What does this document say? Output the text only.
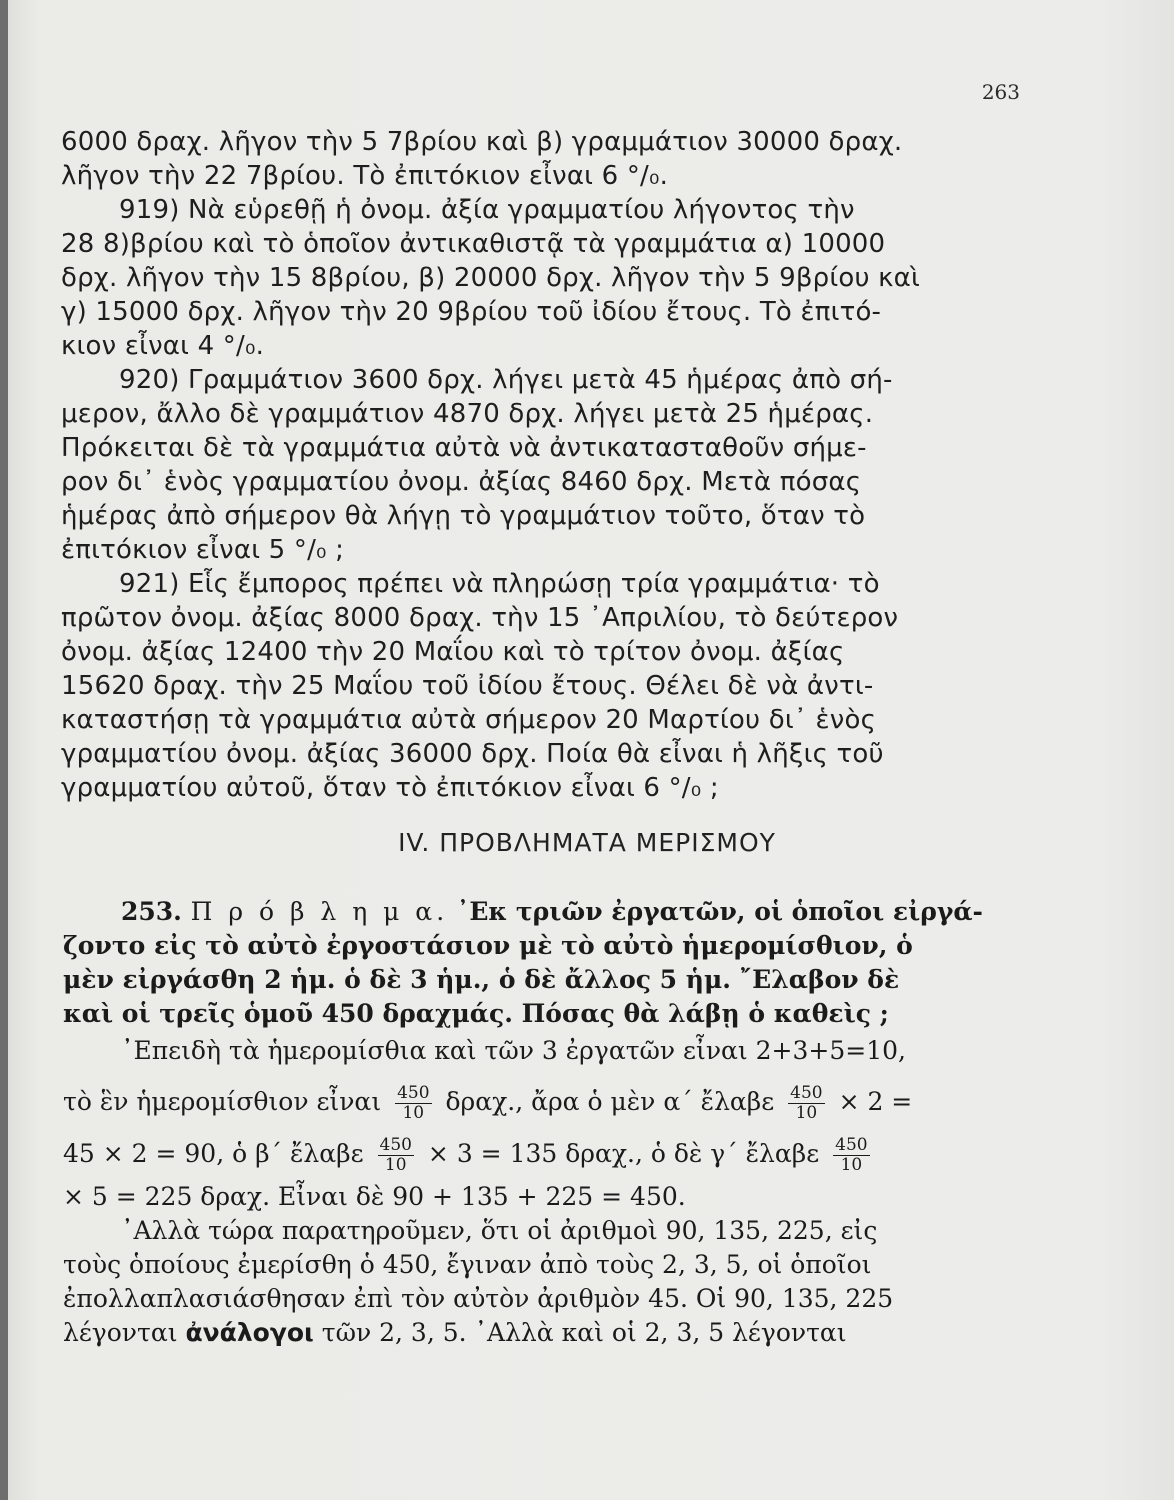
263
6000 δραχ. λῆγον τὴν 5 7βρίου καὶ β) γραμμάτιον 30000 δραχ.
λῆγον τὴν 22 7βρίου. Τὸ ἐπιτόκιον εἶναι 6 °/₀.
919) Νὰ εὑρεθῇ ἡ ὀνομ. ἀξία γραμματίου λήγοντος τὴν
28 8)βρίου καὶ τὸ ὁποῖον ἀντικαθιστᾷ τὰ γραμμάτια α) 10000
δρχ. λῆγον τὴν 15 8βρίου, β) 20000 δρχ. λῆγον τὴν 5 9βρίου καὶ
γ) 15000 δρχ. λῆγον τὴν 20 9βρίου τοῦ ἰδίου ἔτους. Τὸ ἐπιτό-
κιον εἶναι 4 °/₀.
920) Γραμμάτιον 3600 δρχ. λήγει μετὰ 45 ἡμέρας ἀπὸ σή-
μερον, ἄλλο δὲ γραμμάτιον 4870 δρχ. λήγει μετὰ 25 ἡμέρας.
Πρόκειται δὲ τὰ γραμμάτια αὐτὰ νὰ ἀντικατασταθοῦν σήμε-
ρον δι᾿ ἑνὸς γραμματίου ὀνομ. ἀξίας 8460 δρχ. Μετὰ πόσας
ἡμέρας ἀπὸ σήμερον θὰ λήγῃ τὸ γραμμάτιον τοῦτο, ὅταν τὸ
ἐπιτόκιον εἶναι 5 °/₀ ;
921) Εἷς ἔμπορος πρέπει νὰ πληρώσῃ τρία γραμμάτια· τὸ
πρῶτον ὀνομ. ἀξίας 8000 δραχ. τὴν 15 ᾿Απριλίου, τὸ δεύτερον
ὀνομ. ἀξίας 12400 τὴν 20 Μαΐου καὶ τὸ τρίτον ὀνομ. ἀξίας
15620 δραχ. τὴν 25 Μαΐου τοῦ ἰδίου ἔτους. Θέλει δὲ νὰ ἀντι-
καταστήσῃ τὰ γραμμάτια αὐτὰ σήμερον 20 Μαρτίου δι᾿ ἑνὸς
γραμματίου ὀνομ. ἀξίας 36000 δρχ. Ποία θὰ εἶναι ἡ λῆξις τοῦ
γραμματίου αὐτοῦ, ὅταν τὸ ἐπιτόκιον εἶναι 6 °/₀ ;
IV. ΠΡΟΒΛΗΜΑΤΑ ΜΕΡΙΣΜΟΥ
253. Π ρ ό β λ η μ α. ᾿Εκ τριῶν ἐργατῶν, οἱ ὁποῖοι εἰργά-
ζοντο εἰς τὸ αὐτὸ ἐργοστάσιον μὲ τὸ αὐτὸ ἡμερομίσθιον, ὁ
μὲν εἰργάσθη 2 ἡμ. ὁ δὲ 3 ἡμ., ὁ δὲ ἄλλος 5 ἡμ. ῎Ελαβον δὲ
καὶ οἱ τρεῖς ὁμοῦ 450 δραχμάς. Πόσας θὰ λάβῃ ὁ καθεὶς ;
᾿Επειδὴ τὰ ἡμερομίσθια καὶ τῶν 3 ἐργατῶν εἶναι 2+3+5=10,
τὸ ἓν ἡμερομίσθιον εἶναι $\frac{450}{10} \delta\rho\alpha\chi$., ἄρα ὁ μὲν α΄ ἔλαβε $\frac{450}{10} \times 2$ =
45 × 2 = 90, ὁ β΄ ἔλαβε $\frac{450}{10} \times 3 = 135$ δραχ., ὁ δὲ γ΄ ἔλαβε $\frac{450}{10}$
× 5 = 225 δραχ. Εἶναι δὲ 90 + 135 + 225 = 450.
᾿Αλλὰ τώρα παρατηροῦμεν, ὅτι οἱ ἀριθμοὶ 90, 135, 225, εἰς
τοὺς ὁποίους ἐμερίσθη ὁ 450, ἔγιναν ἀπὸ τοὺς 2, 3, 5, οἱ ὁποῖοι
ἐπολλαπλασιάσθησαν ἐπὶ τὸν αὐτὸν ἀριθμὸν 45. Οἱ 90, 135, 225
λέγονται ἀνάλογοι τῶν 2, 3, 5. ᾿Αλλὰ καὶ οἱ 2, 3, 5 λέγονται
